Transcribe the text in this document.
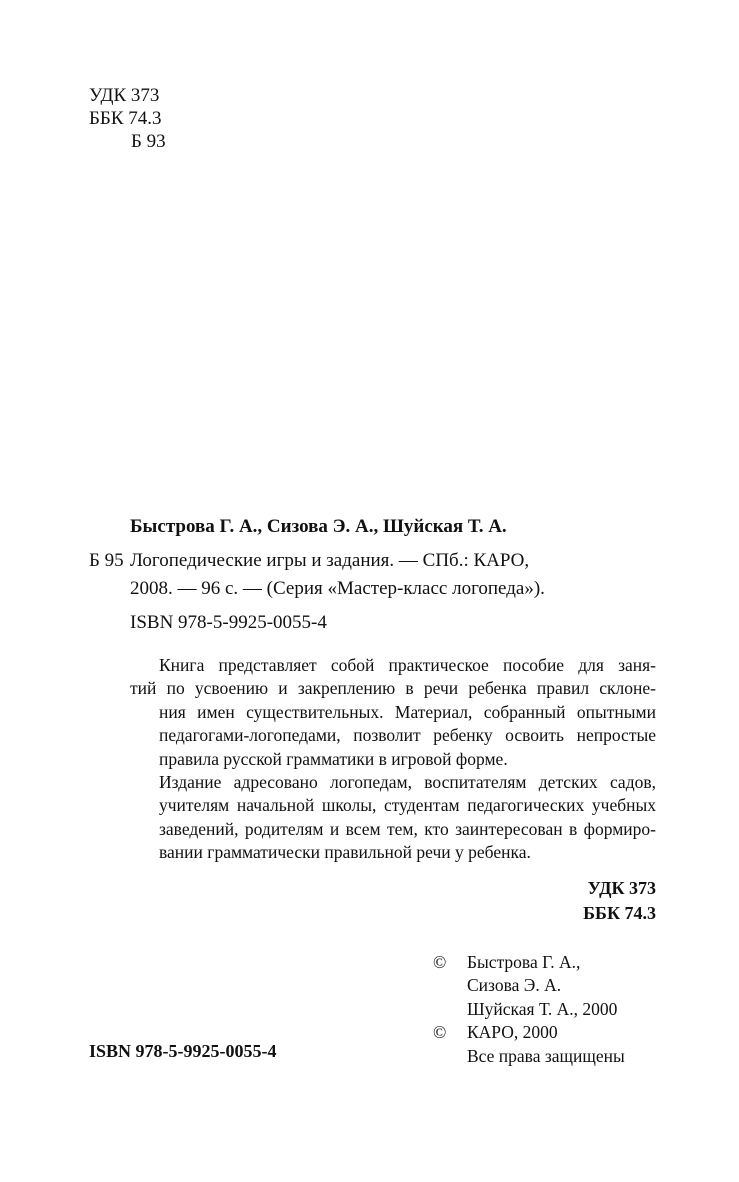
УДК 373
ББК 74.3
Б 93
Быстрова Г. А., Сизова Э. А., Шуйская Т. А.
Б 95 Логопедические игры и задания. — СПб.: КАРО,
2008. — 96 с. — (Серия «Мастер-класс логопеда»).
ISBN 978-5-9925-0055-4

Книга представляет собой практическое пособие для заня-
тий по усвоению и закреплению в речи ребенка правил склоне-
ния имен существительных. Материал, собранный опытными
педагогами-логопедами, позволит ребенку освоить непростые
правила русской грамматики в игровой форме.

Издание адресовано логопедам, воспитателям детских садов,
учителям начальной школы, студентам педагогических учебных
заведений, родителям и всем тем, кто заинтересован в формиро-
вании грамматически правильной речи у ребенка.

УДК 373
ББК 74.3
©	Быстрова Г. А.,
Сизова Э. А.
Шуйская Т. А., 2000
©	КАРО, 2000
Все права защищены
ISBN 978-5-9925-0055-4
